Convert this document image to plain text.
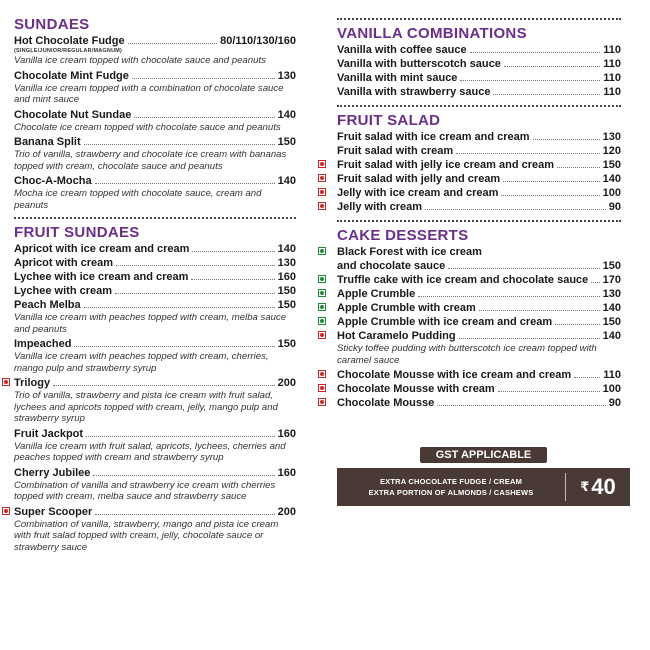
SUNDAES
Hot Chocolate Fudge	80/110/130/160
(SINGLE/JUNIOR/REGULAR/MAGNUM)
Vanilla ice cream topped with chocolate sauce and peanuts
Chocolate Mint Fudge	130
Vanilla ice cream topped with a combination of chocolate sauce and mint sauce
Chocolate Nut Sundae	140
Chocolate ice cream topped with chocolate sauce and peanuts
Banana Split	150
Trio of vanilla, strawberry and chocolate ice cream with bananas topped with cream, chocolate sauce and peanuts
Choc-A-Mocha	140
Mocha ice cream topped with chocolate sauce, cream and peanuts
FRUIT SUNDAES
Apricot with ice cream and cream	140
Apricot with cream	130
Lychee with ice cream and cream	160
Lychee with cream	150
Peach Melba	150
Vanilla ice cream with peaches topped with cream, melba sauce and peanuts
Impeached	150
Vanilla ice cream with peaches topped with cream, cherries, mango pulp and strawberry syrup
Trilogy	200
Trio of vanilla, strawberry and pista ice cream with fruit salad, lychees and apricots topped with cream, jelly, mango pulp and strawberry syrup
Fruit Jackpot	160
Vanilla ice cream with fruit salad, apricots, lychees, cherries and peaches topped with cream and strawberry syrup
Cherry Jubilee	160
Combination of vanilla and strawberry ice cream with cherries topped with cream, melba sauce and strawberry sauce
Super Scooper	200
Combination of vanilla, strawberry, mango and pista ice cream with fruit salad topped with cream, jelly, chocolate sauce or strawberry sauce
VANILLA COMBINATIONS
Vanilla with coffee sauce	110
Vanilla with butterscotch sauce	110
Vanilla with mint sauce	110
Vanilla with strawberry sauce	110
FRUIT SALAD
Fruit salad with ice cream and cream	130
Fruit salad with cream	120
Fruit salad with jelly ice cream and cream	150
Fruit salad with jelly and cream	140
Jelly with ice cream and cream	100
Jelly with cream	90
CAKE DESSERTS
Black Forest with ice cream
and chocolate sauce	150
Truffle cake with ice cream and chocolate sauce 170
Apple Crumble	130
Apple Crumble with cream	140
Apple Crumble with ice cream and cream	150
Hot Caramelo Pudding	140
Sticky toffee pudding with butterscotch ice cream topped with caramel sauce
Chocolate Mousse with ice cream and cream	110
Chocolate Mousse with cream	100
Chocolate Mousse	90
GST APPLICABLE
EXTRA CHOCOLATE FUDGE / CREAM
EXTRA PORTION OF ALMONDS / CASHEWS	₹ 40
